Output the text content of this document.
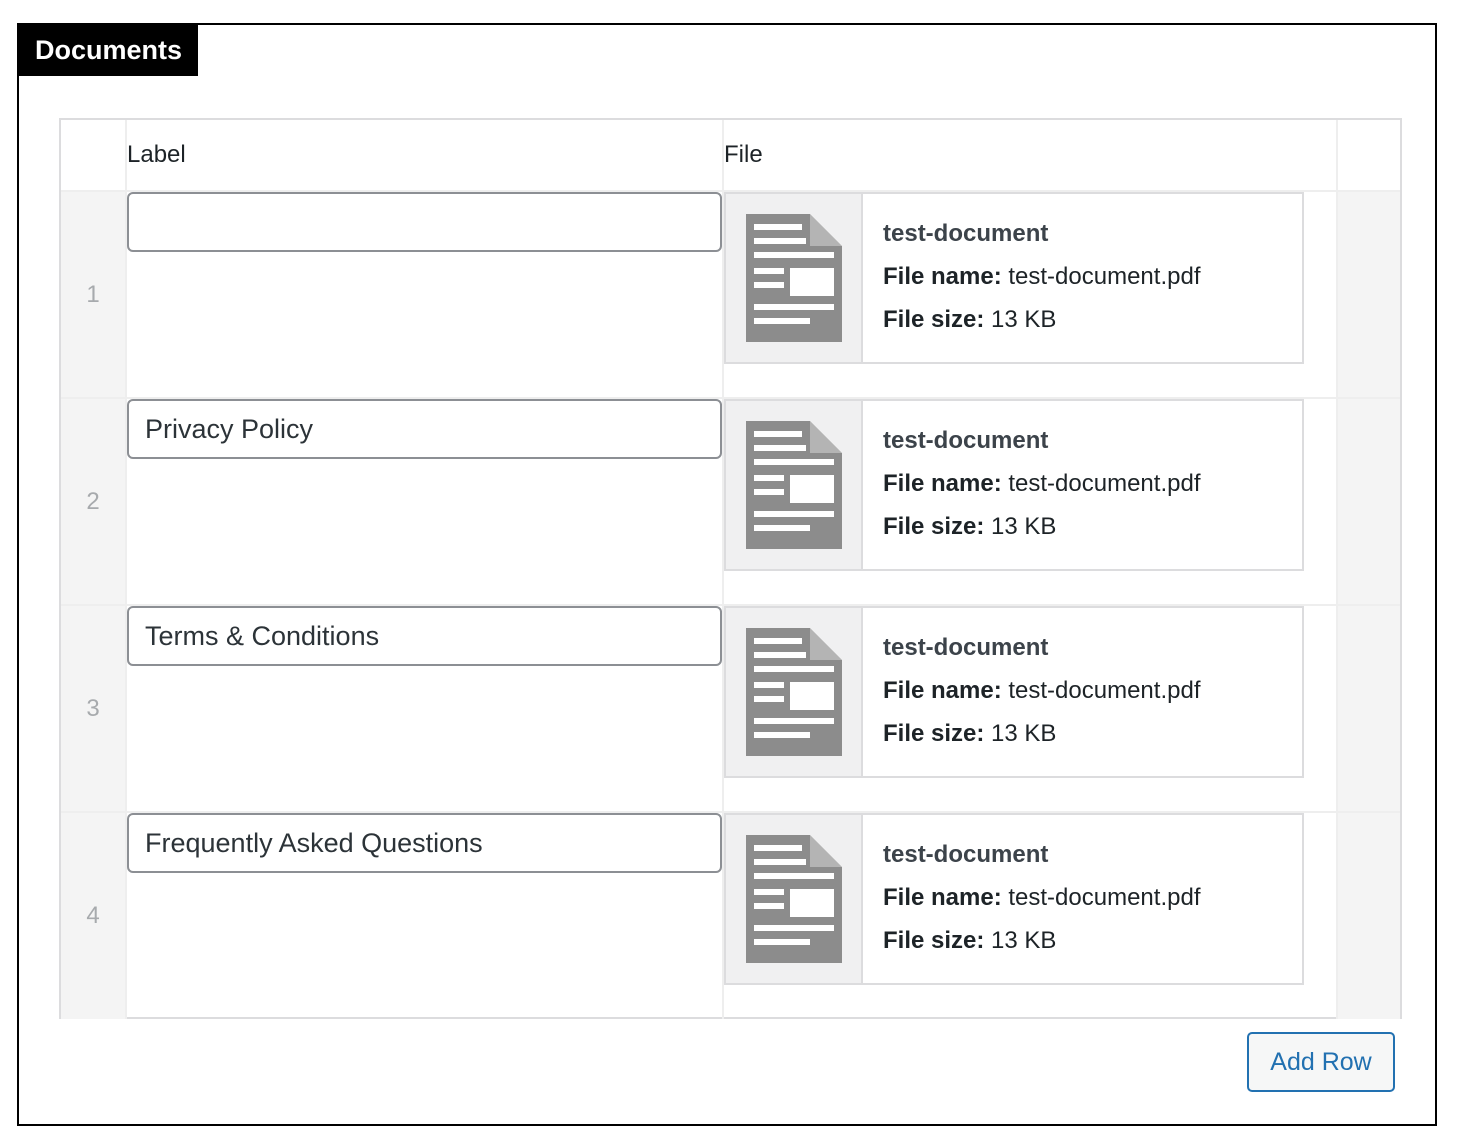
Documents
	Label	File	
1		test-document
File name: test-document.pdf
File size: 13 KB	

2	
Privacy Policy	test-document
File name: test-document.pdf
File size: 13 KB	

3	
Terms & Conditions	test-document
File name: test-document.pdf
File size: 13 KB	

4	
Frequently Asked Questions	test-document
File name: test-document.pdf
File size: 13 KB	

Add Row
